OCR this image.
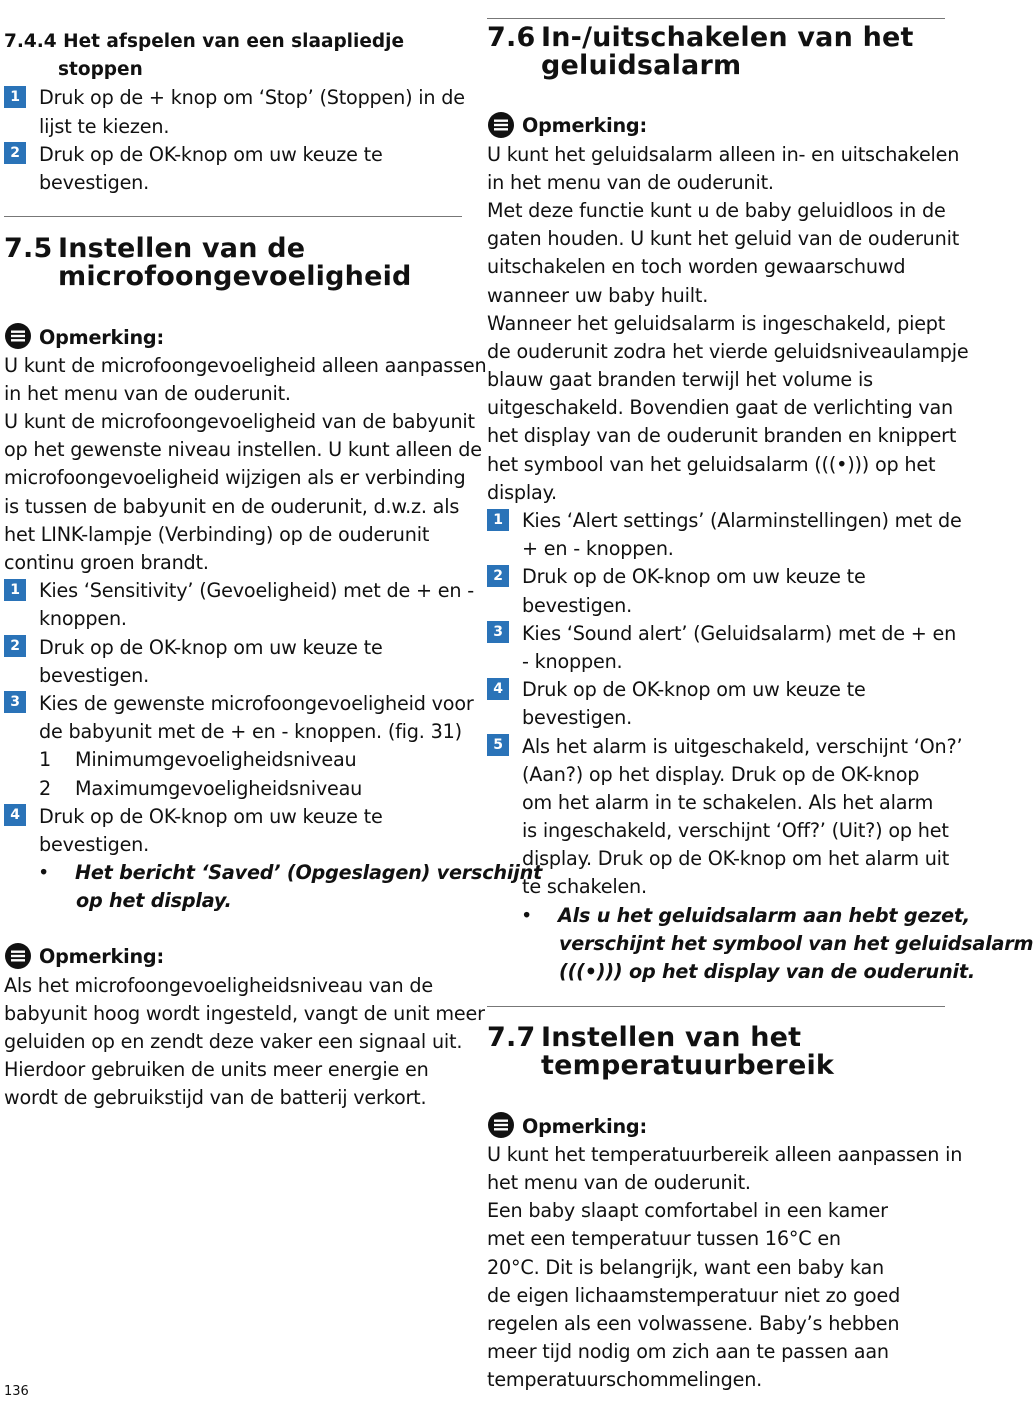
7.4.4 Het afspelen van een slaapliedje
stoppen
1 Druk op de + knop om ‘Stop’ (Stoppen) in de
lijst te kiezen.
2 Druk op de OK-knop om uw keuze te
bevestigen.
7.5 Instellen van de
microfoongevoeligheid
Opmerking:
U kunt de microfoongevoeligheid alleen aanpassen
in het menu van de ouderunit.
U kunt de microfoongevoeligheid van de babyunit
op het gewenste niveau instellen. U kunt alleen de
microfoongevoeligheid wijzigen als er verbinding
is tussen de babyunit en de ouderunit, d.w.z. als
het LINK-lampje (Verbinding) op de ouderunit
continu groen brandt.
1 Kies ‘Sensitivity’ (Gevoeligheid) met de + en -
knoppen.
2 Druk op de OK-knop om uw keuze te
bevestigen.
3 Kies de gewenste microfoongevoeligheid voor
de babyunit met de + en - knoppen. (fig. 31)
1 Minimumgevoeligheidsniveau
2 Maximumgevoeligheidsniveau
4 Druk op de OK-knop om uw keuze te
bevestigen.
• Het bericht ‘Saved’ (Opgeslagen) verschijnt
op het display.
Opmerking:
Als het microfoongevoeligheidsniveau van de
babyunit hoog wordt ingesteld, vangt de unit meer
geluiden op en zendt deze vaker een signaal uit.
Hierdoor gebruiken de units meer energie en
wordt de gebruikstijd van de batterij verkort.
7.6 In-/uitschakelen van het
geluidsalarm
Opmerking:
U kunt het geluidsalarm alleen in- en uitschakelen
in het menu van de ouderunit.
Met deze functie kunt u de baby geluidloos in de
gaten houden. U kunt het geluid van de ouderunit
uitschakelen en toch worden gewaarschuwd
wanneer uw baby huilt.
Wanneer het geluidsalarm is ingeschakeld, piept
de ouderunit zodra het vierde geluidsniveaulampje
blauw gaat branden terwijl het volume is
uitgeschakeld. Bovendien gaat de verlichting van
het display van de ouderunit branden en knippert
het symbool van het geluidsalarm (((•))) op het
display.
1 Kies ‘Alert settings’ (Alarminstellingen) met de
+ en - knoppen.
2 Druk op de OK-knop om uw keuze te
bevestigen.
3 Kies ‘Sound alert’ (Geluidsalarm) met de + en
- knoppen.
4 Druk op de OK-knop om uw keuze te
bevestigen.
5 Als het alarm is uitgeschakeld, verschijnt ‘On?’
(Aan?) op het display. Druk op de OK-knop
om het alarm in te schakelen. Als het alarm
is ingeschakeld, verschijnt ‘Off?’ (Uit?) op het
display. Druk op de OK-knop om het alarm uit
te schakelen.
• Als u het geluidsalarm aan hebt gezet,
verschijnt het symbool van het geluidsalarm
(((•))) op het display van de ouderunit.
7.7 Instellen van het
temperatuurbereik
Opmerking:
U kunt het temperatuurbereik alleen aanpassen in
het menu van de ouderunit.
Een baby slaapt comfortabel in een kamer
met een temperatuur tussen 16°C en
20°C. Dit is belangrijk, want een baby kan
de eigen lichaamstemperatuur niet zo goed
regelen als een volwassene. Baby’s hebben
meer tijd nodig om zich aan te passen aan
temperatuurschommelingen.
136
